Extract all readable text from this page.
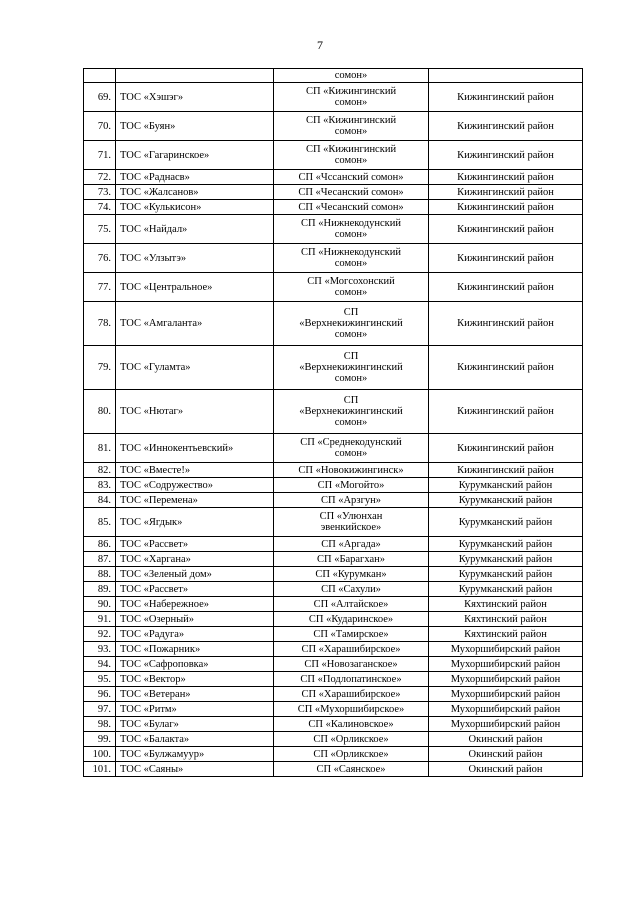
7
		сомон»	
69.	ТОС «Хэшэг»	СП «Кижингинский
сомон»	Кижингинский район
70.	ТОС «Буян»	СП «Кижингинский
сомон»	Кижингинский район
71.	ТОС «Гагаринское»	СП «Кижингинский
сомон»	Кижингинский район
72.	ТОС «Раднасв»	СП «Чссанский сомон»	Кижингинский район
73.	ТОС «Жалсанов»	СП «Чесанский сомон»	Кижингинский район
74.	ТОС «Кулькисон»	СП «Чесанский сомон»	Кижингинский район
75.	ТОС «Найдал»	СП «Нижнекодунский
сомон»	Кижингинский район
76.	ТОС «Улзытэ»	СП «Нижнекодунский
сомон»	Кижингинский район
77.	ТОС «Центральное»	СП «Могсохонский
сомон»	Кижингинский район
78.	ТОС «Амгаланта»	СП
«Верхнекижингинский
сомон»	Кижингинский район
79.	ТОС «Гуламта»	СП
«Верхнекижингинский
сомон»	Кижингинский район
80.	ТОС «Нютаг»	СП
«Верхнекижингинский
сомон»	Кижингинский район
81.	ТОС «Иннокентьевский»	СП «Среднекодунский
сомон»	Кижингинский район
82.	ТОС «Вместе!»	СП «Новокижингинск»	Кижингинский район
83.	ТОС «Содружество»	СП «Могойто»	Курумканский район
84.	ТОС «Перемена»	СП «Арзгун»	Курумканский район
85.	ТОС «Ягдык»	СП «Улюнхан
эвенкийское»	Курумканский район
86.	ТОС «Рассвет»	СП «Аргада»	Курумканский район
87.	ТОС «Харгана»	СП «Барагхан»	Курумканский район
88.	ТОС «Зеленый дом»	СП «Курумкан»	Курумканский район
89.	ТОС «Рассвет»	СП «Сахули»	Курумканский район
90.	ТОС «Набережное»	СП «Алтайское»	Кяхтинский район
91.	ТОС «Озерный»	СП «Кударинское»	Кяхтинский район
92.	ТОС «Радуга»	СП «Тамирское»	Кяхтинский район
93.	ТОС «Пожарник»	СП «Харашибирское»	Мухоршибирский район
94.	ТОС «Сафроповка»	СП «Новозаганское»	Мухоршибирский район
95.	ТОС «Вектор»	СП «Подлопатинское»	Мухоршибирский район
96.	ТОС «Ветеран»	СП «Харашибирское»	Мухоршибирский район
97.	ТОС «Ритм»	СП «Мухоршибирское»	Мухоршибирский район
98.	ТОС «Булаг»	СП «Калиновское»	Мухоршибирский район
99.	ТОС «Балакта»	СП «Орликское»	Окинский район
100.	ТОС «Булжамуур»	СП «Орликское»	Окинский район
101.	ТОС «Саяны»	СП «Саянское»	Окинский район
